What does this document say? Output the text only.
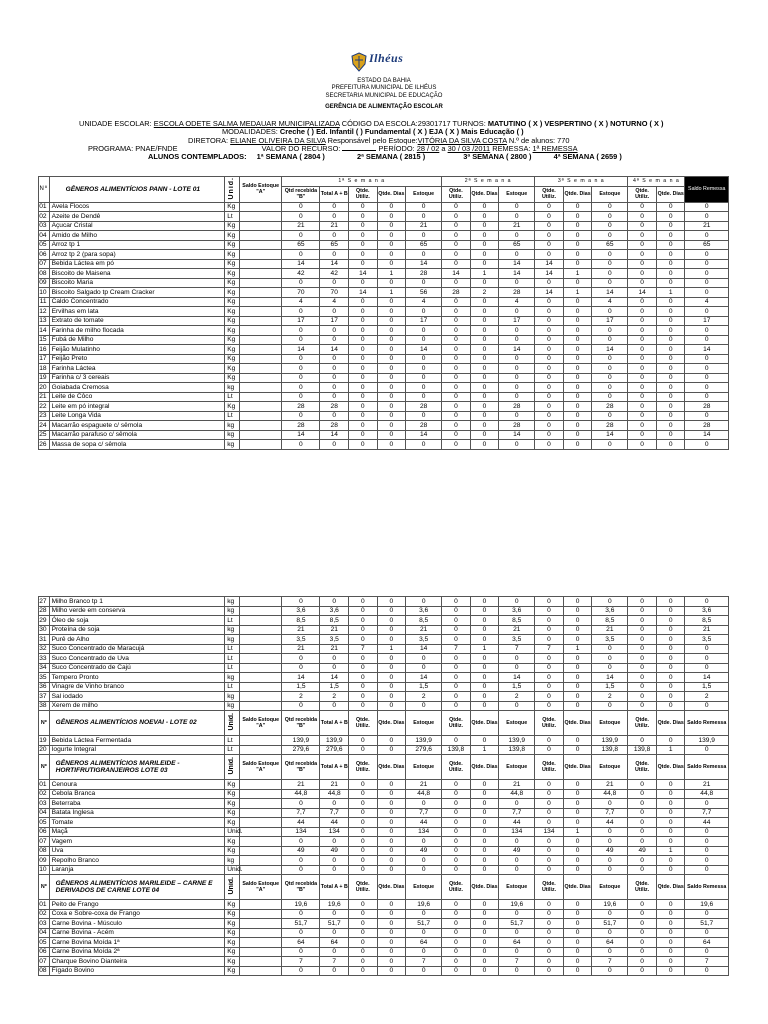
Ilhéus
ESTADO DA BAHIA
PREFEITURA MUNICIPAL DE ILHÉUS
SECRETARIA MUNICIPAL DE EDUCAÇÃO
GERÊNCIA DE ALIMENTAÇÃO ESCOLAR
UNIDADE ESCOLAR: ESCOLA ODETE SALMA MEDAUAR MUNICIPALIZADA CÓDIGO DA ESCOLA:29301717 TURNOS: MATUTINO ( X ) VESPERTINO ( X ) NOTURNO ( X )
MODALIDADES: Creche ( ) Ed. Infantil ( ) Fundamental ( X ) EJA ( X ) Mais Educação ( )
DIRETORA: ELIANE OLIVEIRA DA SILVA Responsável pelo Estoque:VITÓRIA DA SILVA COSTA N.º de alunos: 770
PROGRAMA: PNAE/FNDE	VALOR DO RECURSO:	PERÍODO: 28 / 02 a 30 / 03 /2011 REMESSA: 1ª REMESSA
ALUNOS CONTEMPLADOS: 1ª SEMANA ( 2804 )	2ª SEMANA ( 2815 )	3ª SEMANA ( 2800 )	4ª SEMANA ( 2659 )
Nº	GÊNEROS ALIMENTÍCIOS PANN - LOTE 01	Unid.	Saldo Estoque "A"	1ª S e m a n a					2ª S e m a n a			3ª S e m a n a			4ª S e m a n a		Saldo Remessa
				Qtd recebida "B"	Total A + B	Qtde. Utiliz.	Qtde. Dias	Estoque	Qtde. Utiliz.	Qtde. Dias	Estoque	Qtde. Utiliz.	Qtde. Dias	Estoque	Qtde. Utiliz.	Qtde. Dias	
01	Avela Flocos	Kg		0	0	0	0	0	0	0	0	0	0	0	0	0	0
02	Azeite de Dendê	Lt		0	0	0	0	0	0	0	0	0	0	0	0	0	0
03	Açucar Cristal	Kg		21	21	0	0	21	0	0	21	0	0	0	0	0	21
04	Amido de Milho	Kg		0	0	0	0	0	0	0	0	0	0	0	0	0	0
05	Arroz tp 1	Kg		65	65	0	0	65	0	0	65	0	0	65	0	0	65
06	Arroz tp 2 (para sopa)	Kg		0	0	0	0	0	0	0	0	0	0	0	0	0	0
07	Bebida Láctea em pó	Kg		14	14	0	0	14	0	0	14	14	0	0	0	0	0
08	Biscoito de Maisena	Kg		42	42	14	1	28	14	1	14	14	1	0	0	0	0
09	Biscoito Maria	Kg		0	0	0	0	0	0	0	0	0	0	0	0	0	0
10	Biscoito Salgado tp Cream Cracker	Kg		70	70	14	1	56	28	2	28	14	1	14	14	1	0
11	Caldo Concentrado	Kg		4	4	0	0	4	0	0	4	0	0	4	0	0	4
12	Ervilhas em lata	Kg		0	0	0	0	0	0	0	0	0	0	0	0	0	0
13	Extrato de tomate	Kg		17	17	0	0	17	0	0	17	0	0	17	0	0	17
14	Farinha de milho flocada	Kg		0	0	0	0	0	0	0	0	0	0	0	0	0	0
15	Fubá de Milho	Kg		0	0	0	0	0	0	0	0	0	0	0	0	0	0
16	Feijão Mulatinho	Kg		14	14	0	0	14	0	0	14	0	0	14	0	0	14
17	Feijão Preto	Kg		0	0	0	0	0	0	0	0	0	0	0	0	0	0
18	Farinha Láctea	Kg		0	0	0	0	0	0	0	0	0	0	0	0	0	0
19	Farinha c/ 3 cereais	Kg		0	0	0	0	0	0	0	0	0	0	0	0	0	0
20	Goiabada Cremosa	kg		0	0	0	0	0	0	0	0	0	0	0	0	0	0
21	Leite de Côco	Lt		0	0	0	0	0	0	0	0	0	0	0	0	0	0
22	Leite em pó integral	Kg		28	28	0	0	28	0	0	28	0	0	28	0	0	28
23	Leite Longa Vida	Lt		0	0	0	0	0	0	0	0	0	0	0	0	0	0
24	Macarrão espaguete c/ sêmola	kg		28	28	0	0	28	0	0	28	0	0	28	0	0	28
25	Macarrão parafuso c/ sêmola	kg		14	14	0	0	14	0	0	14	0	0	14	0	0	14
26	Massa de sopa c/ sêmola	kg		0	0	0	0	0	0	0	0	0	0	0	0	0	0
27	Milho Branco tp 1	kg		0	0	0	0	0	0	0	0	0	0	0	0	0	0
28	Milho verde em conserva	kg		3,6	3,6	0	0	3,6	0	0	3,6	0	0	3,6	0	0	3,6
29	Óleo de soja	Lt		8,5	8,5	0	0	8,5	0	0	8,5	0	0	8,5	0	0	8,5
30	Proteína de soja	kg		21	21	0	0	21	0	0	21	0	0	21	0	0	21
31	Purê de Alho	kg		3,5	3,5	0	0	3,5	0	0	3,5	0	0	3,5	0	0	3,5
32	Suco Concentrado de Maracujá	Lt		21	21	7	1	14	7	1	7	7	1	0	0	0	0
33	Suco Concentrado de Uva	Lt		0	0	0	0	0	0	0	0	0	0	0	0	0	0
34	Suco Concentrado de Cajú	Lt		0	0	0	0	0	0	0	0	0	0	0	0	0	0
35	Tempero Pronto	kg		14	14	0	0	14	0	0	14	0	0	14	0	0	14
36	Vinagre de Vinho branco	Lt		1,5	1,5	0	0	1,5	0	0	1,5	0	0	1,5	0	0	1,5
37	Sal iodado	kg		2	2	0	0	2	0	0	2	0	0	2	0	0	2
38	Xerem de milho	kg		0	0	0	0	0	0	0	0	0	0	0	0	0	0
Nº	GÊNEROS ALIMENTÍCIOS NOEVAI - LOTE 02	Unid.	Saldo Estoque "A"	Qtd recebida "B"	Total A + B	Qtde. Utiliz.	Qtde. Dias	Estoque	Qtde. Utiliz.	Qtde. Dias	Estoque	Qtde. Utiliz.	Qtde. Dias	Estoque	Qtde. Utiliz.	Qtde. Dias	Saldo Remessa
19	Bebida Láctea Fermentada	Lt		139,9	139,9	0	0	139,9	0	0	139,9	0	0	139,9	0	0	139,9
20	Iogurte Integral	Lt		279,6	279,6	0	0	279,6	139,8	1	139,8	0	0	139,8	139,8	1	0
Nº	GÊNEROS ALIMENTÍCIOS MARILEIDE - HORTIFRUTIGRANJEIROS LOTE 03	Unid.	Saldo Estoque "A"	Qtd recebida "B"	Total A + B	Qtde. Utiliz.	Qtde. Dias	Estoque	Qtde. Utiliz.	Qtde. Dias	Estoque	Qtde. Utiliz.	Qtde. Dias	Estoque	Qtde. Utiliz.	Qtde. Dias	Saldo Remessa
01	Cenoura	Kg		21	21	0	0	21	0	0	21	0	0	21	0	0	21
02	Cebola Branca	Kg		44,8	44,8	0	0	44,8	0	0	44,8	0	0	44,8	0	0	44,8
03	Beterraba	Kg		0	0	0	0	0	0	0	0	0	0	0	0	0	0
04	Batata Inglesa	Kg		7,7	7,7	0	0	7,7	0	0	7,7	0	0	7,7	0	0	7,7
05	Tomate	Kg		44	44	0	0	44	0	0	44	0	0	44	0	0	44
06	Maçã	Unid.		134	134	0	0	134	0	0	134	134	1	0	0	0	0
07	Vagem	Kg		0	0	0	0	0	0	0	0	0	0	0	0	0	0
08	Uva	Kg		49	49	0	0	49	0	0	49	0	0	49	49	1	0
09	Repolho Branco	kg		0	0	0	0	0	0	0	0	0	0	0	0	0	0
10	Laranja	Unid.		0	0	0	0	0	0	0	0	0	0	0	0	0	0
Nº	GÊNEROS ALIMENTÍCIOS MARILEIDE – CARNE E DERIVADOS DE CARNE LOTE 04	Unid.	Saldo Estoque "A"	Qtd recebida "B"	Total A + B	Qtde. Utiliz.	Qtde. Dias	Estoque	Qtde. Utiliz.	Qtde. Dias	Estoque	Qtde. Utiliz.	Qtde. Dias	Estoque	Qtde. Utiliz.	Qtde. Dias	Saldo Remessa
01	Peito de Frango	Kg		19,6	19,6	0	0	19,6	0	0	19,6	0	0	19,6	0	0	19,6
02	Coxa e Sobre-coxa de Frango	Kg		0	0	0	0	0	0	0	0	0	0	0	0	0	0
03	Carne Bovina - Músculo	Kg		51,7	51,7	0	0	51,7	0	0	51,7	0	0	51,7	0	0	51,7
04	Carne Bovina - Acém	Kg		0	0	0	0	0	0	0	0	0	0	0	0	0	0
05	Carne Bovina Moída 1ª	Kg		64	64	0	0	64	0	0	64	0	0	64	0	0	64
06	Carne Bovina Moída 2ª	Kg		0	0	0	0	0	0	0	0	0	0	0	0	0	0
07	Charque Bovino Dianteira	Kg		7	7	0	0	7	0	0	7	0	0	7	0	0	7
08	Fígado Bovino	Kg		0	0	0	0	0	0	0	0	0	0	0	0	0	0
